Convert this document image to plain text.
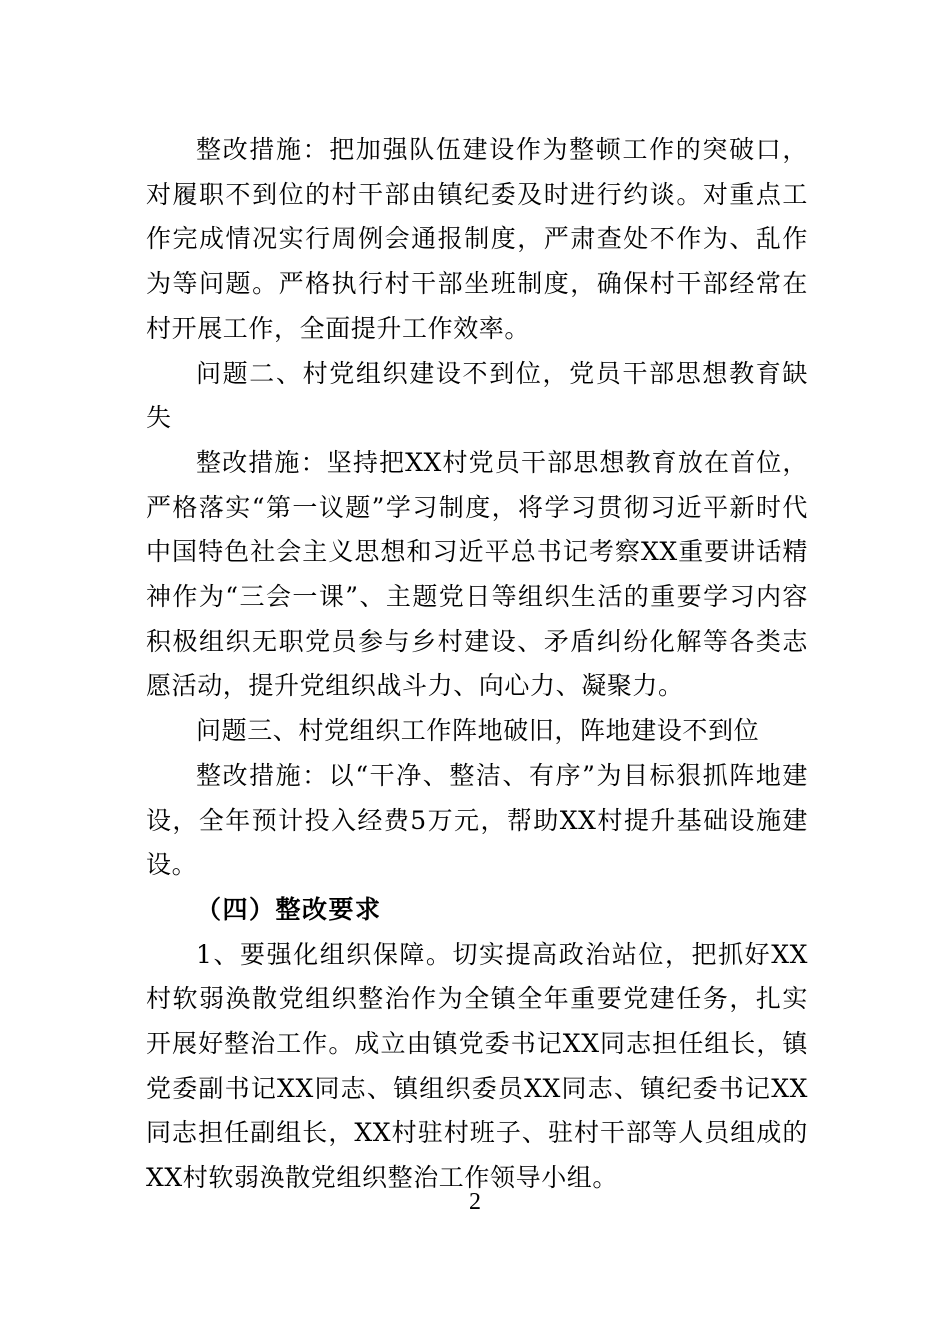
整改措施：把加强队伍建设作为整顿工作的突破口，对履职不到位的村干部由镇纪委及时进行约谈。对重点工作完成情况实行周例会通报制度，严肃查处不作为、乱作为等问题。严格执行村干部坐班制度，确保村干部经常在村开展工作，全面提升工作效率。

问题二、村党组织建设不到位，党员干部思想教育缺失

整改措施：坚持把XX村党员干部思想教育放在首位，严格落实“第一议题”学习制度，将学习贯彻习近平新时代中国特色社会主义思想和习近平总书记考察XX重要讲话精神作为“三会一课”、主题党日等组织生活的重要学习内容积极组织无职党员参与乡村建设、矛盾纠纷化解等各类志愿活动，提升党组织战斗力、向心力、凝聚力。

问题三、村党组织工作阵地破旧，阵地建设不到位

整改措施：以“干净、整洁、有序”为目标狠抓阵地建设，全年预计投入经费5万元，帮助XX村提升基础设施建设。

（四）整改要求

1、要强化组织保障。切实提高政治站位，把抓好XX村软弱涣散党组织整治作为全镇全年重要党建任务，扎实开展好整治工作。成立由镇党委书记XX同志担任组长，镇党委副书记XX同志、镇组织委员XX同志、镇纪委书记XX同志担任副组长，XX村驻村班子、驻村干部等人员组成的XX村软弱涣散党组织整治工作领导小组。

2
